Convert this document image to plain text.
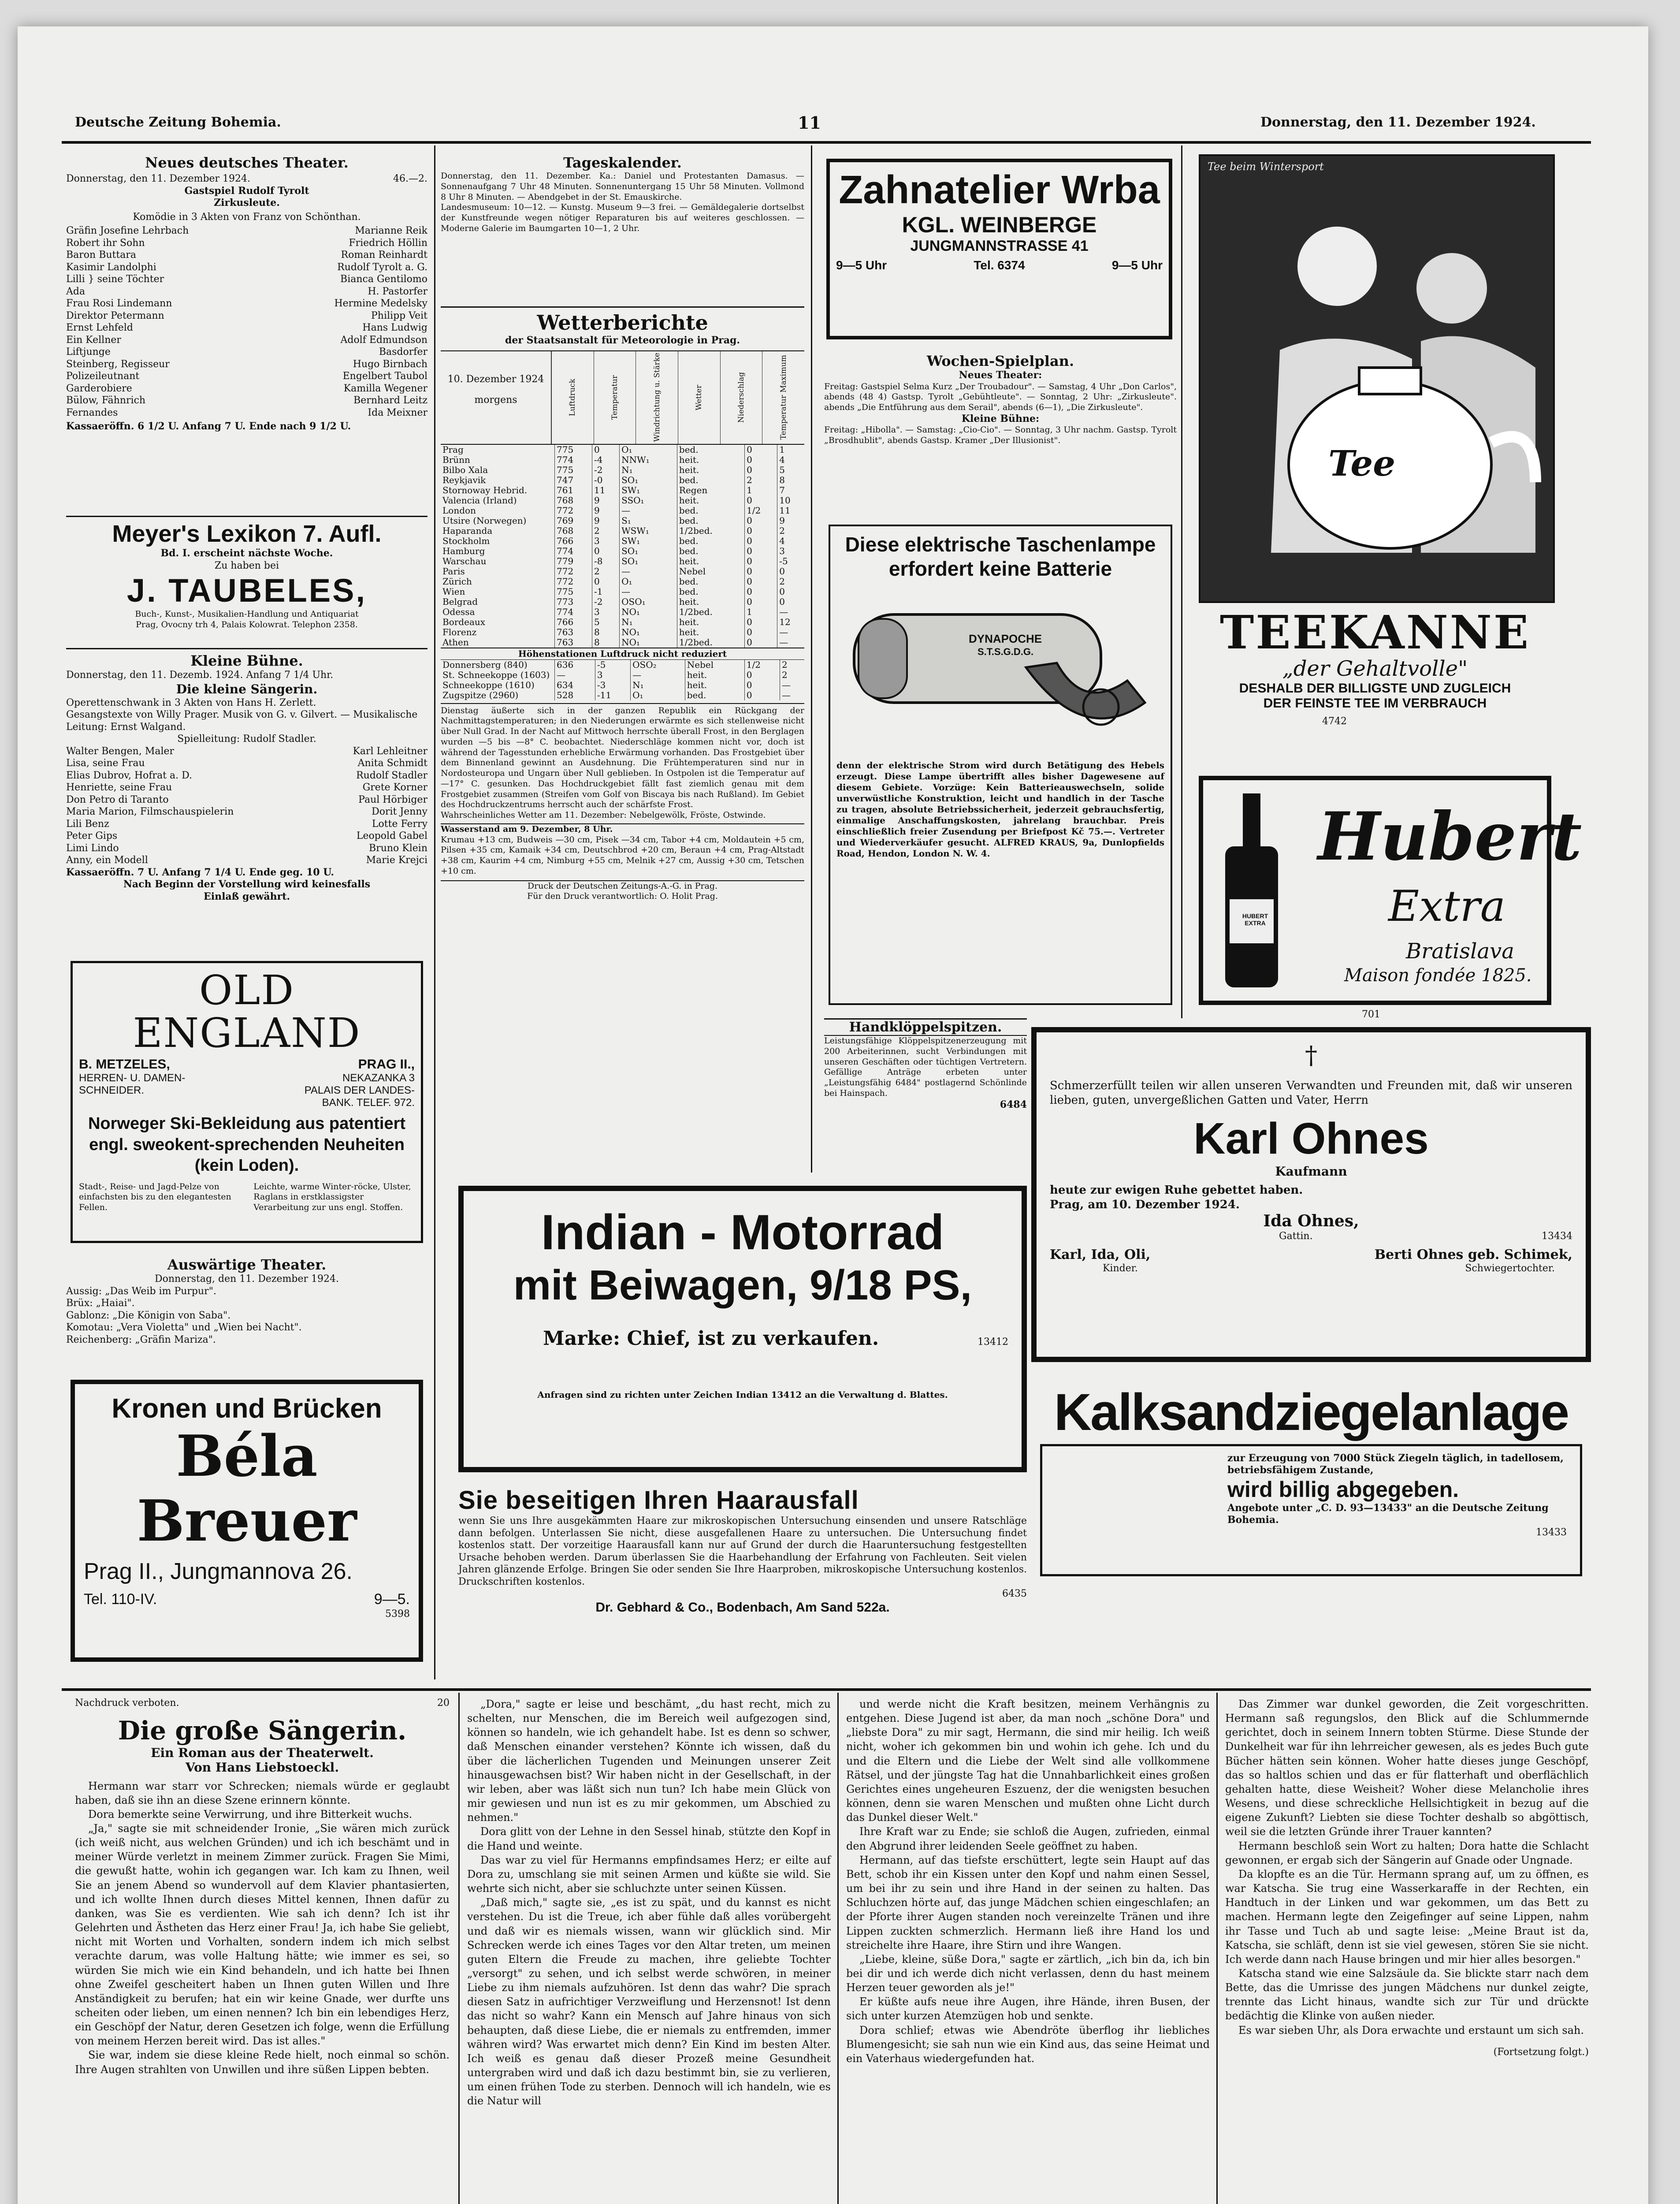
Deutsche Zeitung Bohemia.	11	Donnerstag, den 11. Dezember 1924.
Neues deutsches Theater.
Donnerstag, den 11. Dezember 1924.	46.—2.
Gastspiel Rudolf Tyrolt
Zirkusleute.
Komödie in 3 Akten von Franz von Schönthan.
Gräfin Josefine Lehrbach	Marianne Reik
Robert ihr Sohn	Friedrich Höllin
Baron Buttara	Roman Reinhardt
Kasimir Landolphi	Rudolf Tyrolt a. G.
Lilli } seine Töchter	Bianca Gentilomo
Ada	H. Pastorfer
Frau Rosi Lindemann	Hermine Medelsky
Direktor Petermann	Philipp Veit
Ernst Lehfeld	Hans Ludwig
Ein Kellner	Adolf Edmundson
Liftjunge	Basdorfer
Steinberg, Regisseur	Hugo Birnbach
Polizeileutnant	Engelbert Taubol
Garderobiere	Kamilla Wegener
Bülow, Fähnrich	Bernhard Leitz
Fernandes	Ida Meixner
Kassaeröffn. 6 1/2 U. Anfang 7 U. Ende nach 9 1/2 U.
Meyer's Lexikon 7. Aufl.
Bd. I. erscheint nächste Woche.
Zu haben bei
J. TAUBELES,
Buch-, Kunst-, Musikalien-Handlung und Antiquariat
Prag, Ovocny trh 4, Palais Kolowrat. Telephon 2358.
Kleine Bühne.
Donnerstag, den 11. Dezemb. 1924. Anfang 7 1/4 Uhr.
Die kleine Sängerin.
Operettenschwank in 3 Akten von Hans H. Zerlett.
Gesangstexte von Willy Prager. Musik von G. v. Gilvert. — Musikalische Leitung: Ernst Walgand.
Spielleitung: Rudolf Stadler.
Walter Bengen, Maler	Karl Lehleitner
Lisa, seine Frau	Anita Schmidt
Elias Dubrov, Hofrat a. D.	Rudolf Stadler
Henriette, seine Frau	Grete Korner
Don Petro di Taranto	Paul Hörbiger
Maria Marion, Filmschauspielerin	Dorit Jenny
Lili Benz	Lotte Ferry
Peter Gips	Leopold Gabel
Limi Lindo	Bruno Klein
Anny, ein Modell	Marie Krejci
Kassaeröffn. 7 U. Anfang 7 1/4 U. Ende geg. 10 U.
Nach Beginn der Vorstellung wird keinesfalls
Einlaß gewährt.
OLD ENGLAND
B. METZELES,
HERREN- U. DAMEN-
SCHNEIDER.
PRAG II.,
NEKAZANKA 3
PALAIS DER LANDES-
BANK. TELEF. 972.
Norweger Ski-Bekleidung aus patentiert engl. sweokent-sprechenden Neuheiten (kein Loden).
Stadt-, Reise- und Jagd-Pelze von einfachsten bis zu den elegantesten Fellen.
Leichte, warme Winter-röcke, Ulster, Raglans in erstklassigster Verarbeitung zur uns engl. Stoffen.
Auswärtige Theater.
Donnerstag, den 11. Dezember 1924.
Aussig: „Das Weib im Purpur".
Brüx: „Haiai".
Gablonz: „Die Königin von Saba".
Komotau: „Vera Violetta" und „Wien bei Nacht".
Reichenberg: „Gräfin Mariza".
Kronen und Brücken
Béla Breuer
Prag II., Jungmannova 26.
Tel. 110-IV.	9—5.
5398
Tageskalender.
Donnerstag, den 11. Dezember. Ka.: Daniel und Protestanten Damasus. — Sonnenaufgang 7 Uhr 48 Minuten. Sonnenuntergang 15 Uhr 58 Minuten. Vollmond 8 Uhr 8 Minuten. — Abendgebet in der St. Emauskirche.
Landesmuseum: 10—12. — Kunstg. Museum 9—3 frei. — Gemäldegalerie dortselbst der Kunstfreunde wegen nötiger Reparaturen bis auf weiteres geschlossen. — Moderne Galerie im Baumgarten 10—1, 2 Uhr.
Wetterberichte
der Staatsanstalt für Meteorologie in Prag.
10. Dezember 1924
morgens	Luftdruck	Temperatur	Windrichtung u. Stärke	Wetter	Niederschlag	Temperatur Maximum
Prag	775	0	O₁	bed.	0	1
Brünn	774	-4	NNW₁	heit.	0	4
Bilbo Xala	775	-2	N₁	heit.	0	5
Reykjavik	747	-0	SO₁	bed.	2	8
Stornoway Hebrid.	761	11	SW₁	Regen	1	7
Valencia (Irland)	768	9	SSO₁	heit.	0	10
London	772	9	—	bed.	1/2	11
Utsire (Norwegen)	769	9	S₁	bed.	0	9
Haparanda	768	2	WSW₁	1/2bed.	0	2
Stockholm	766	3	SW₁	bed.	0	4
Hamburg	774	0	SO₁	bed.	0	3
Warschau	779	-8	SO₁	heit.	0	-5
Paris	772	2	—	Nebel	0	0
Zürich	772	0	O₁	bed.	0	2
Wien	775	-1	—	bed.	0	0
Belgrad	773	-2	OSO₁	heit.	0	0
Odessa	774	3	NO₁	1/2bed.	1	—
Bordeaux	766	5	N₁	heit.	0	12
Florenz	763	8	NO₁	heit.	0	—
Athen	763	8	NO₁	1/2bed.	0	—
Höhenstationen Luftdruck nicht reduziert
Donnersberg (840)	636	-5	OSO₂	Nebel	1/2	2
St. Schneekoppe (1603)	—	3	—	heit.	0	2
Schneekoppe (1610)	634	-3	N₁	heit.	0	—
Zugspitze (2960)	528	-11	O₁	bed.	0	—
Dienstag äußerte sich in der ganzen Republik ein Rückgang der Nachmittagstemperaturen; in den Niederungen erwärmte es sich stellenweise nicht über Null Grad. In der Nacht auf Mittwoch herrschte überall Frost, in den Berglagen wurden —5 bis —8° C. beobachtet. Niederschläge kommen nicht vor, doch ist während der Tagesstunden erhebliche Erwärmung vorhanden. Das Frostgebiet über dem Binnenland gewinnt an Ausdehnung. Die Frühtemperaturen sind nur in Nordosteuropa und Ungarn über Null geblieben. In Ostpolen ist die Temperatur auf —17° C. gesunken. Das Hochdruckgebiet fällt fast ziemlich genau mit dem Frostgebiet zusammen (Streifen vom Golf von Biscaya bis nach Rußland). Im Gebiet des Hochdruckzentrums herrscht auch der schärfste Frost.
Wahrscheinliches Wetter am 11. Dezember: Nebelgewölk, Fröste, Ostwinde.
Wasserstand am 9. Dezember, 8 Uhr.
Krumau +13 cm, Budweis —30 cm, Pisek —34 cm, Tabor +4 cm, Moldautein +5 cm, Pilsen +35 cm, Kamaik +34 cm, Deutschbrod +20 cm, Beraun +4 cm, Prag-Altstadt +38 cm, Kaurim +4 cm, Nimburg +55 cm, Melnik +27 cm, Aussig +30 cm, Tetschen +10 cm.
Druck der Deutschen Zeitungs-A.-G. in Prag.
Für den Druck verantwortlich: O. Holit Prag.
Zahnatelier Wrba
KGL. WEINBERGE
JUNGMANNSTRASSE 41
9—5 Uhr	Tel. 6374	9—5 Uhr
Wochen-Spielplan.
Neues Theater:
Freitag: Gastspiel Selma Kurz „Der Troubadour". — Samstag, 4 Uhr „Don Carlos", abends (48 4) Gastsp. Tyrolt „Gebühtleute". — Sonntag, 2 Uhr: „Zirkusleute". abends „Die Entführung aus dem Serail", abends (6—1), „Die Zirkusleute".
Kleine Bühne:
Freitag: „Hibolla". — Samstag: „Cio-Cio". — Sonntag, 3 Uhr nachm. Gastsp. Tyrolt „Brosdhublit", abends Gastsp. Kramer „Der Illusionist".
Diese elektrische Taschenlampe
erfordert keine Batterie
DYNAPOCHE
S.T.S.G.D.G.
denn der elektrische Strom wird durch Betätigung des Hebels erzeugt. Diese Lampe übertrifft alles bisher Dagewesene auf diesem Gebiete. Vorzüge: Kein Batterieauswechseln, solide unverwüstliche Konstruktion, leicht und handlich in der Tasche zu tragen, absolute Betriebssicherheit, jederzeit gebrauchsfertig, einmalige Anschaffungskosten, jahrelang brauchbar. Preis einschließlich freier Zusendung per Briefpost Kč 75.—. Vertreter und Wiederverkäufer gesucht. ALFRED KRAUS, 9a, Dunlopfields Road, Hendon, London N. W. 4.
Handklöppelspitzen.
Leistungsfähige Klöppelspitzenerzeugung mit 200 Arbeiterinnen, sucht Verbindungen mit unseren Geschäften oder tüchtigen Vertretern. Gefällige Anträge erbeten unter „Leistungsfähig 6484" postlagernd Schönlinde bei Hainspach.
6484
Tee beim Wintersport
Tee
TEEKANNE
„der Gehaltvolle"
DESHALB DER BILLIGSTE UND ZUGLEICH
DER FEINSTE TEE IM VERBRAUCH
4742
HUBERT EXTRA
Hubert
Extra
Bratislava
Maison fondée 1825.
701
†
Schmerzerfüllt teilen wir allen unseren Verwandten und Freunden mit, daß wir unseren lieben, guten, unvergeßlichen Gatten und Vater, Herrn
Karl Ohnes
Kaufmann
heute zur ewigen Ruhe gebettet haben.
Prag, am 10. Dezember 1924.
Ida Ohnes,
Gattin.	13434
Karl, Ida, Oli,	Berti Ohnes geb. Schimek,
Kinder.	Schwiegertochter.
Indian - Motorrad
mit Beiwagen, 9/18 PS,
Marke: Chief, ist zu verkaufen.	13412
Anfragen sind zu richten unter Zeichen Indian 13412 an die Verwaltung d. Blattes.	Kalksandziegelanlage
zur Erzeugung von 7000 Stück Ziegeln täglich, in tadellosem, betriebsfähigem Zustande,
wird billig abgegeben.
Angebote unter „C. D. 93—13433" an die Deutsche Zeitung Bohemia.
13433
Sie beseitigen Ihren Haarausfall
wenn Sie uns Ihre ausgekämmten Haare zur mikroskopischen Untersuchung einsenden und unsere Ratschläge dann befolgen. Unterlassen Sie nicht, diese ausgefallenen Haare zu untersuchen. Die Untersuchung findet kostenlos statt. Der vorzeitige Haarausfall kann nur auf Grund der durch die Haaruntersuchung festgestellten Ursache behoben werden. Darum überlassen Sie die Haarbehandlung der Erfahrung von Fachleuten. Seit vielen Jahren glänzende Erfolge. Bringen Sie oder senden Sie Ihre Haarproben, mikroskopische Untersuchung kostenlos. Druckschriften kostenlos.
6435
Dr. Gebhard & Co., Bodenbach, Am Sand 522a.
Nachdruck verboten.	20
Die große Sängerin.
Ein Roman aus der Theaterwelt.
Von Hans Liebstoeckl.

Hermann war starr vor Schrecken; niemals würde er geglaubt haben, daß sie ihn an diese Szene erinnern könnte.

Dora bemerkte seine Verwirrung, und ihre Bitterkeit wuchs.

„Ja," sagte sie mit schneidender Ironie, „Sie wären mich zurück (ich weiß nicht, aus welchen Gründen) und ich ich beschämt und in meiner Würde verletzt in meinem Zimmer zurück. Fragen Sie Mimi, die gewußt hatte, wohin ich gegangen war. Ich kam zu Ihnen, weil Sie an jenem Abend so wundervoll auf dem Klavier phantasierten, und ich wollte Ihnen durch dieses Mittel kennen, Ihnen dafür zu danken, was Sie es verdienten. Wie sah ich denn? Ich ist ihr Gelehrten und Ästheten das Herz einer Frau! Ja, ich habe Sie geliebt, nicht mit Worten und Vorhalten, sondern indem ich mich selbst verachte darum, was volle Haltung hätte; wie immer es sei, so würden Sie mich wie ein Kind behandeln, und ich hatte bei Ihnen ohne Zweifel gescheitert haben un Ihnen guten Willen und Ihre Anständigkeit zu berufen; hat ein wir keine Gnade, wer durfte uns scheiten oder lieben, um einen nennen? Ich bin ein lebendiges Herz, ein Geschöpf der Natur, deren Gesetzen ich folge, wenn die Erfüllung von meinem Herzen bereit wird. Das ist alles."

Sie war, indem sie diese kleine Rede hielt, noch einmal so schön. Ihre Augen strahlten von Unwillen und ihre süßen Lippen bebten.

„Dora," sagte er leise und beschämt, „du hast recht, mich zu schelten, nur Menschen, die im Bereich weil aufgezogen sind, können so handeln, wie ich gehandelt habe. Ist es denn so schwer, daß Menschen einander verstehen? Könnte ich wissen, daß du über die lächerlichen Tugenden und Meinungen unserer Zeit hinausgewachsen bist? Wir haben nicht in der Gesellschaft, in der wir leben, aber was läßt sich nun tun? Ich habe mein Glück von mir gewiesen und nun ist es zu mir gekommen, um Abschied zu nehmen."

Dora glitt von der Lehne in den Sessel hinab, stützte den Kopf in die Hand und weinte.

Das war zu viel für Hermanns empfindsames Herz; er eilte auf Dora zu, umschlang sie mit seinen Armen und küßte sie wild. Sie wehrte sich nicht, aber sie schluchzte unter seinen Küssen.

„Daß mich," sagte sie, „es ist zu spät, und du kannst es nicht verstehen. Du ist die Treue, ich aber fühle daß alles vorübergeht und daß wir es niemals wissen, wann wir glücklich sind. Mir Schrecken werde ich eines Tages vor den Altar treten, um meinen guten Eltern die Freude zu machen, ihre geliebte Tochter „versorgt" zu sehen, und ich selbst werde schwören, in meiner Liebe zu ihm niemals aufzuhören. Ist denn das wahr? Die sprach diesen Satz in aufrichtiger Verzweiflung und Herzensnot! Ist denn das nicht so wahr? Kann ein Mensch auf Jahre hinaus von sich behaupten, daß diese Liebe, die er niemals zu entfremden, immer währen wird? Was erwartet mich denn? Ein Kind im besten Alter. Ich weiß es genau daß dieser Prozeß meine Gesundheit untergraben wird und daß ich dazu bestimmt bin, sie zu verlieren, um einen frühen Tode zu sterben. Dennoch will ich handeln, wie es die Natur will

und werde nicht die Kraft besitzen, meinem Verhängnis zu entgehen. Diese Jugend ist aber, da man noch „schöne Dora" und „liebste Dora" zu mir sagt, Hermann, die sind mir heilig. Ich weiß nicht, woher ich gekommen bin und wohin ich gehe. Ich und du und die Eltern und die Liebe der Welt sind alle vollkommene Rätsel, und der jüngste Tag hat die Unnahbarlichkeit eines großen Gerichtes eines ungeheuren Eszuenz, der die wenigsten besuchen können, denn sie waren Menschen und mußten ohne Licht durch das Dunkel dieser Welt."

Ihre Kraft war zu Ende; sie schloß die Augen, zufrieden, einmal den Abgrund ihrer leidenden Seele geöffnet zu haben.

Hermann, auf das tiefste erschüttert, legte sein Haupt auf das Bett, schob ihr ein Kissen unter den Kopf und nahm einen Sessel, um bei ihr zu sein und ihre Hand in der seinen zu halten. Das Schluchzen hörte auf, das junge Mädchen schien eingeschlafen; an der Pforte ihrer Augen standen noch vereinzelte Tränen und ihre Lippen zuckten schmerzlich. Hermann ließ ihre Hand los und streichelte ihre Haare, ihre Stirn und ihre Wangen.

„Liebe, kleine, süße Dora," sagte er zärtlich, „ich bin da, ich bin bei dir und ich werde dich nicht verlassen, denn du hast meinem Herzen teuer geworden als je!"

Er küßte aufs neue ihre Augen, ihre Hände, ihren Busen, der sich unter kurzen Atemzügen hob und senkte.

Dora schlief; etwas wie Abendröte überflog ihr liebliches Blumengesicht; sie sah nun wie ein Kind aus, das seine Heimat und ein Vaterhaus wiedergefunden hat.

Das Zimmer war dunkel geworden, die Zeit vorgeschritten. Hermann saß regungslos, den Blick auf die Schlummernde gerichtet, doch in seinem Innern tobten Stürme. Diese Stunde der Dunkelheit war für ihn lehrreicher gewesen, als es jedes Buch gute Bücher hätten sein können. Woher hatte dieses junge Geschöpf, das so haltlos schien und das er für flatterhaft und oberflächlich gehalten hatte, diese Weisheit? Woher diese Melancholie ihres Wesens, und diese schreckliche Hellsichtigkeit in bezug auf die eigene Zukunft? Liebten sie diese Tochter deshalb so abgöttisch, weil sie die letzten Gründe ihrer Trauer kannten?

Hermann beschloß sein Wort zu halten; Dora hatte die Schlacht gewonnen, er ergab sich der Sängerin auf Gnade oder Ungnade.

Da klopfte es an die Tür. Hermann sprang auf, um zu öffnen, es war Katscha. Sie trug eine Wasserkaraffe in der Rechten, ein Handtuch in der Linken und war gekommen, um das Bett zu machen. Hermann legte den Zeigefinger auf seine Lippen, nahm ihr Tasse und Tuch ab und sagte leise: „Meine Braut ist da, Katscha, sie schläft, denn ist sie viel gewesen, stören Sie sie nicht. Ich werde dann nach Hause bringen und mir hier alles besorgen."

Katscha stand wie eine Salzsäule da. Sie blickte starr nach dem Bette, das die Umrisse des jungen Mädchens nur dunkel zeigte, trennte das Licht hinaus, wandte sich zur Tür und drückte bedächtig die Klinke von außen nieder.

Es war sieben Uhr, als Dora erwachte und erstaunt um sich sah.

(Fortsetzung folgt.)
